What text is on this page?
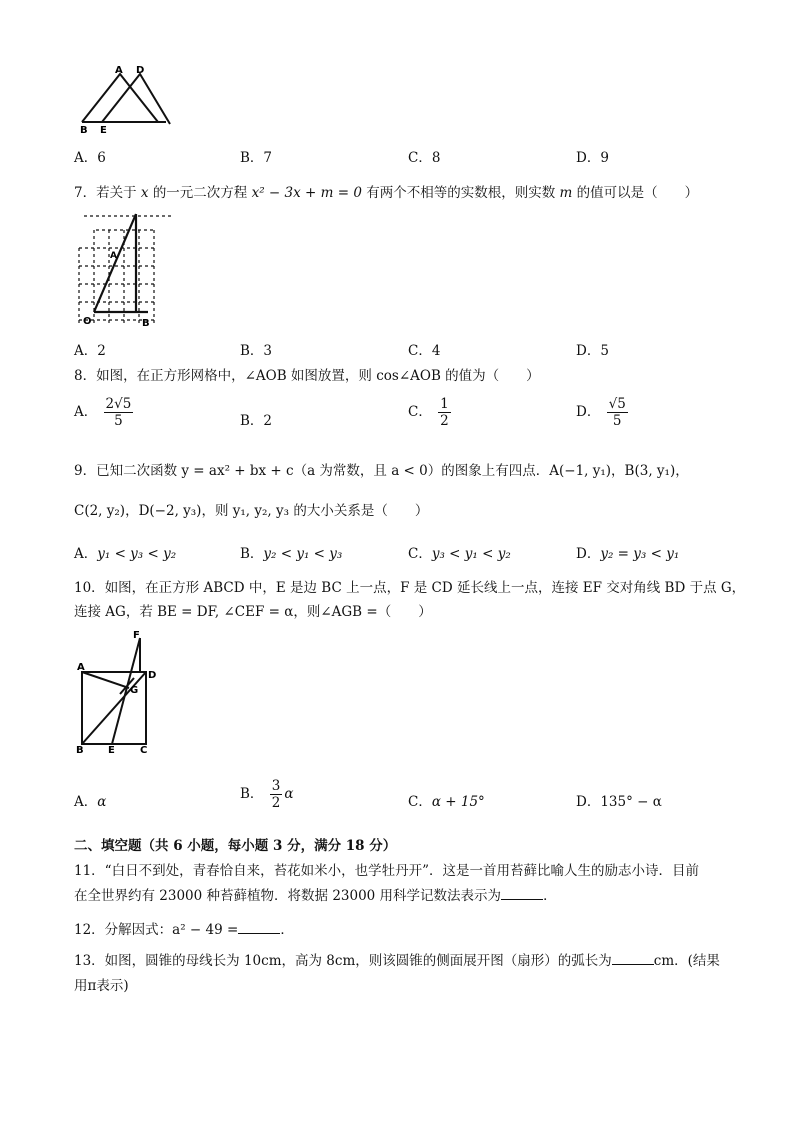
A D
B E
A．6	B．7	C．8	D．9
7．若关于 x 的一元二次方程 x² − 3x + m = 0 有两个不相等的实数根，则实数 m 的值可以是（　　）
A
O	B
A．2	B．3	C．4	D．5
8．如图，在正方形网格中，∠AOB 如图放置，则 cos∠AOB 的值为（　　）
A． $\frac{2√5}{5}$	B．2
C． $\frac{1}{2}$	D． $\frac{√5}{5}$
9．已知二次函数 y = ax² + bx + c（a 为常数，且 a < 0）的图象上有四点．A(−1, y₁)，B(3, y₁)，
C(2, y₂)，D(−2, y₃)，则 y₁, y₂, y₃ 的大小关系是（　　）
A．y₁ < y₃ < y₂	B．y₂ < y₁ < y₃	C．y₃ < y₁ < y₂	D．y₂ = y₃ < y₁
10．如图，在正方形 ABCD 中，E 是边 BC 上一点，F 是 CD 延长线上一点，连接 EF 交对角线 BD 于点 G，
连接 AG，若 BE = DF, ∠CEF = α，则∠AGB =（　　）
F
A
D
G
B E	C
A．α	B． $\frac{3}{2}$ α	C．α + 15°	D．135° − α
二、填空题（共 6 小题，每小题 3 分，满分 18 分）
11．“白日不到处，青春恰自来，苔花如米小，也学牡丹开”．这是一首用苔藓比喻人生的励志小诗．目前
在全世界约有 23000 种苔藓植物．将数据 23000 用科学记数法表示为	．
12．分解因式：a² − 49 =	．
13．如图，圆锥的母线长为 10cm，高为 8cm，则该圆锥的侧面展开图（扇形）的弧长为	cm．(结果
用π表示)
